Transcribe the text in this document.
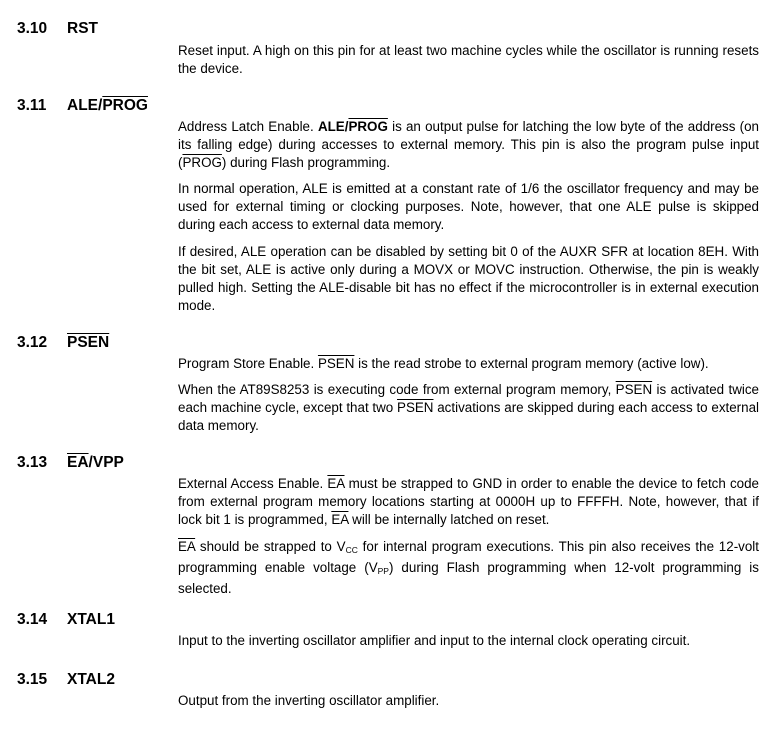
3.10 RST

Reset input. A high on this pin for at least two machine cycles while the oscillator is running resets the device.

3.11 ALE/PROG

Address Latch Enable. ALE/PROG is an output pulse for latching the low byte of the address (on its falling edge) during accesses to external memory. This pin is also the program pulse input (PROG) during Flash programming.

In normal operation, ALE is emitted at a constant rate of 1/6 the oscillator frequency and may be used for external timing or clocking purposes. Note, however, that one ALE pulse is skipped during each access to external data memory.

If desired, ALE operation can be disabled by setting bit 0 of the AUXR SFR at location 8EH. With the bit set, ALE is active only during a MOVX or MOVC instruction. Otherwise, the pin is weakly pulled high. Setting the ALE-disable bit has no effect if the microcontroller is in external execution mode.

3.12 PSEN

Program Store Enable. PSEN is the read strobe to external program memory (active low).

When the AT89S8253 is executing code from external program memory, PSEN is activated twice each machine cycle, except that two PSEN activations are skipped during each access to external data memory.

3.13 $\overline{EA}$/VPP

External Access Enable. $\overline{EA}$ must be strapped to GND in order to enable the device to fetch code from external program memory locations starting at 0000H up to FFFFH. Note, however, that if lock bit 1 is programmed, $\overline{EA}$ will be internally latched on reset.

$\overline{EA}$ should be strapped to $V_{CC}$ for internal program executions. This pin also receives the 12-volt programming enable voltage $(V_{PP})$ during Flash programming when 12-volt programming is selected.

3.14 XTAL1

Input to the inverting oscillator amplifier and input to the internal clock operating circuit.

3.15 XTAL2

Output from the inverting oscillator amplifier.
